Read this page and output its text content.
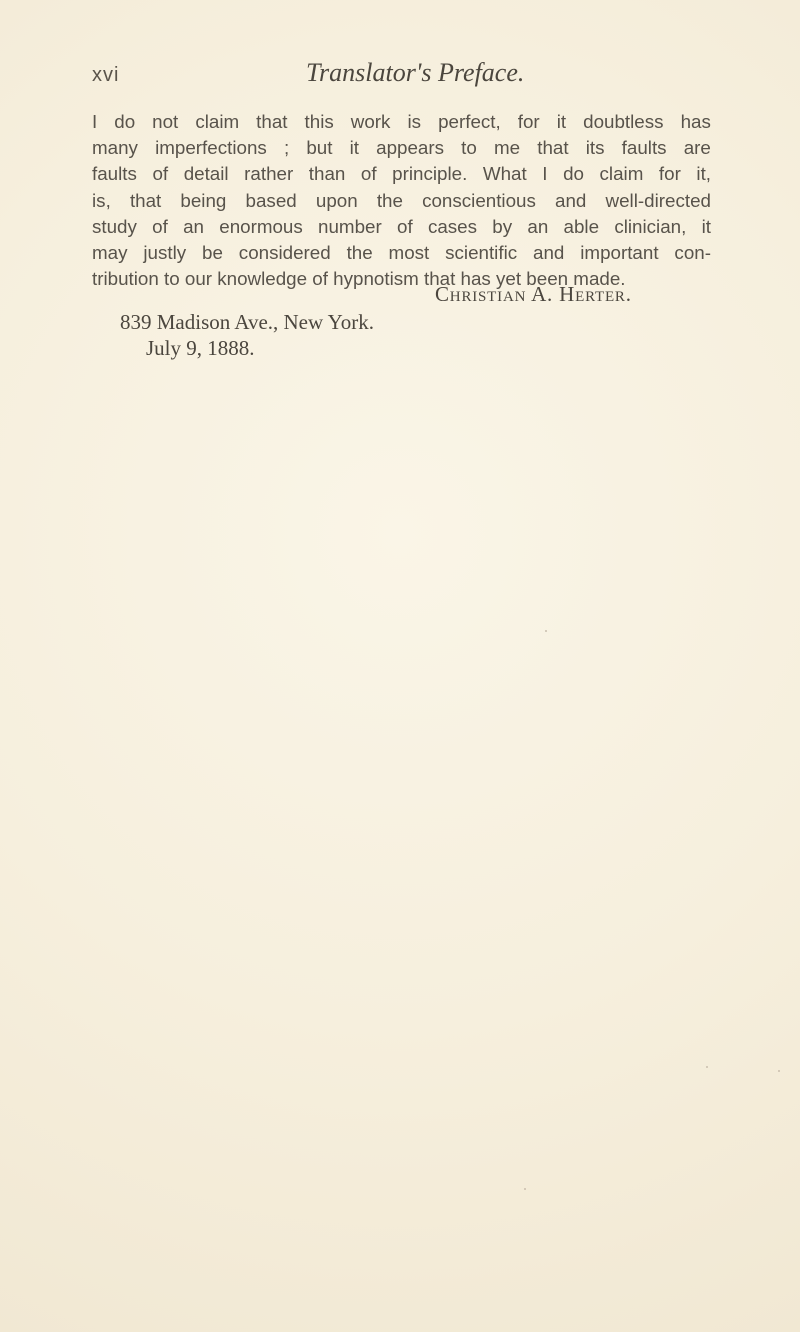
xvi	Translator's Preface.
I do not claim that this work is perfect, for it doubtless has
many imperfections ; but it appears to me that its faults are
faults of detail rather than of principle. What I do claim for it,
is, that being based upon the conscientious and well-directed
study of an enormous number of cases by an able clinician, it
may justly be considered the most scientific and important con-
tribution to our knowledge of hypnotism that has yet been made.
Christian A. Herter.
839 Madison Ave., New York.
July 9, 1888.
